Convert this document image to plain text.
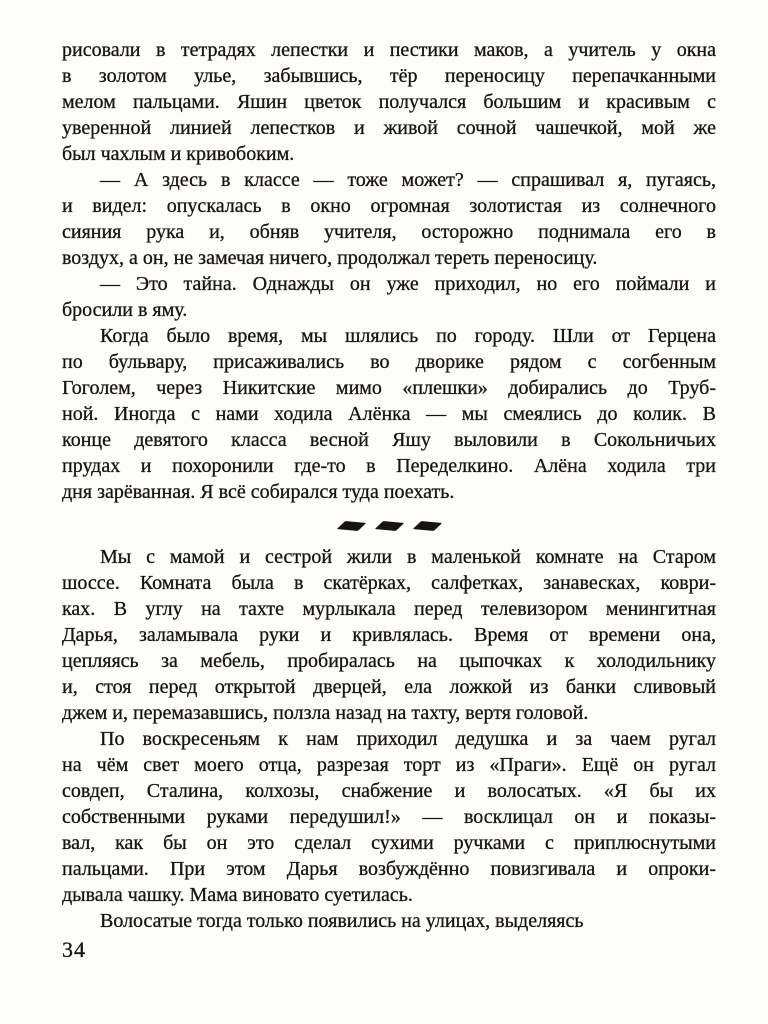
рисовали в тетрадях лепестки и пестики маков, а учитель у окна
в золотом улье, забывшись, тёр переносицу перепачканными
мелом пальцами. Яшин цветок получался большим и красивым с
уверенной линией лепестков и живой сочной чашечкой, мой же
был чахлым и кривобоким.
— А здесь в классе — тоже может? — спрашивал я, пугаясь,
и видел: опускалась в окно огромная золотистая из солнечного
сияния рука и, обняв учителя, осторожно поднимала его в
воздух, а он, не замечая ничего, продолжал тереть переносицу.
— Это тайна. Однажды он уже приходил, но его поймали и
бросили в яму.
Когда было время, мы шлялись по городу. Шли от Герцена
по бульвару, присаживались во дворике рядом с согбенным
Гоголем, через Никитские мимо «плешки» добирались до Труб-
ной. Иногда с нами ходила Алёнка — мы смеялись до колик. В
конце девятого класса весной Яшу выловили в Сокольничьих
прудах и похоронили где-то в Переделкино. Алёна ходила три
дня зарёванная. Я всё собирался туда поехать.
Мы с мамой и сестрой жили в маленькой комнате на Старом
шоссе. Комната была в скатёрках, салфетках, занавесках, коври-
ках. В углу на тахте мурлыкала перед телевизором менингитная
Дарья, заламывала руки и кривлялась. Время от времени она,
цепляясь за мебель, пробиралась на цыпочках к холодильнику
и, стоя перед открытой дверцей, ела ложкой из банки сливовый
джем и, перемазавшись, ползла назад на тахту, вертя головой.
По воскресеньям к нам приходил дедушка и за чаем ругал
на чём свет моего отца, разрезая торт из «Праги». Ещё он ругал
совдеп, Сталина, колхозы, снабжение и волосатых. «Я бы их
собственными руками передушил!» — восклицал он и показы-
вал, как бы он это сделал сухими ручками с приплюснутыми
пальцами. При этом Дарья возбуждённо повизгивала и опроки-
дывала чашку. Мама виновато суетилась.
Волосатые тогда только появились на улицах, выделяясь
34
